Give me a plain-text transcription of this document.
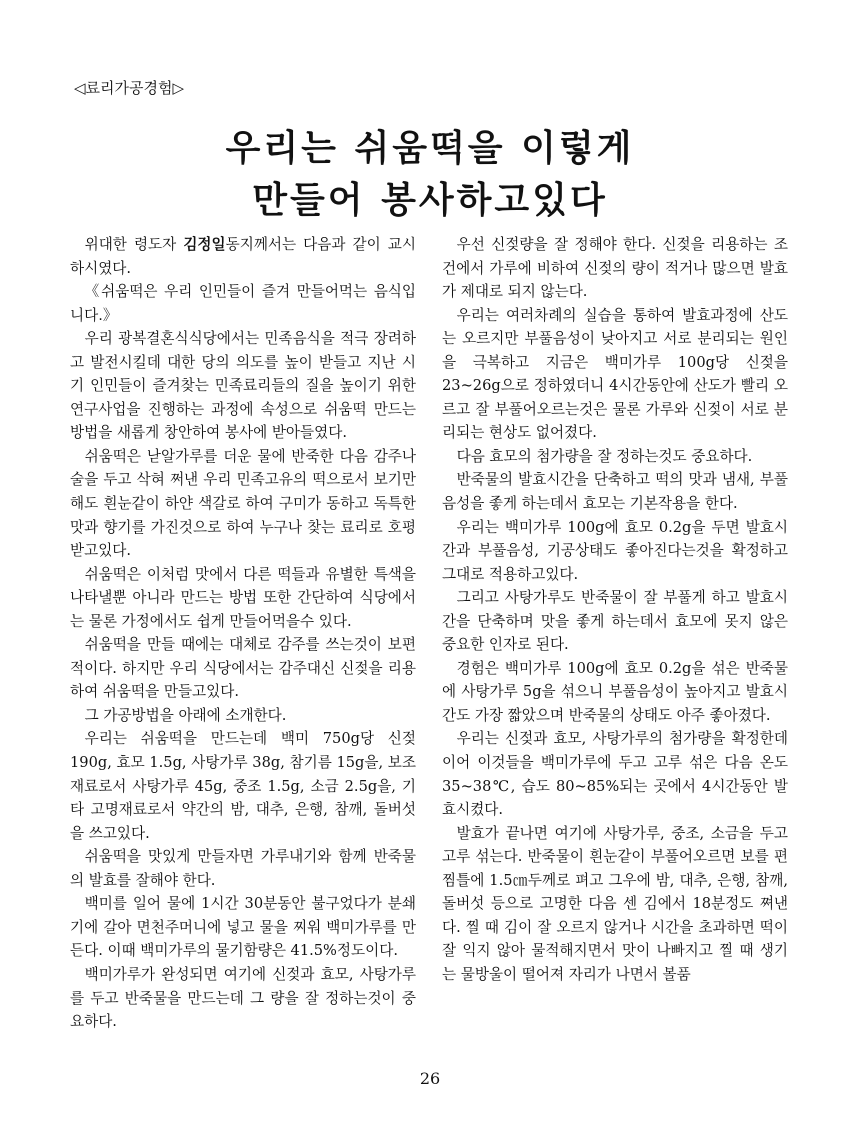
◁료리가공경험▷
우리는 쉬움떡을 이렇게
만들어 봉사하고있다

위대한 령도자 김정일동지께서는 다음과 같이 교시하시였다.

《쉬움떡은 우리 인민들이 즐겨 만들어먹는 음식입니다.》

우리 광복결혼식식당에서는 민족음식을 적극 장려하고 발전시킬데 대한 당의 의도를 높이 받들고 지난 시기 인민들이 즐겨찾는 민족료리들의 질을 높이기 위한 연구사업을 진행하는 과정에 속성으로 쉬움떡 만드는 방법을 새롭게 창안하여 봉사에 받아들였다.

쉬움떡은 낟알가루를 더운 물에 반죽한 다음 감주나 술을 두고 삭혀 쩌낸 우리 민족고유의 떡으로서 보기만해도 흰눈같이 하얀 색갈로 하여 구미가 동하고 독특한 맛과 향기를 가진것으로 하여 누구나 찾는 료리로 호평받고있다.

쉬움떡은 이처럼 맛에서 다른 떡들과 유별한 특색을 나타낼뿐 아니라 만드는 방법 또한 간단하여 식당에서는 물론 가정에서도 쉽게 만들어먹을수 있다.

쉬움떡을 만들 때에는 대체로 감주를 쓰는것이 보편적이다. 하지만 우리 식당에서는 감주대신 신젖을 리용하여 쉬움떡을 만들고있다.

그 가공방법을 아래에 소개한다.

우리는 쉬움떡을 만드는데 백미 750g당 신젖 190g, 효모 1.5g, 사탕가루 38g, 참기름 15g을, 보조재료로서 사탕가루 45g, 중조 1.5g, 소금 2.5g을, 기타 고명재료로서 약간의 밤, 대추, 은행, 참깨, 돌버섯을 쓰고있다.

쉬움떡을 맛있게 만들자면 가루내기와 함께 반죽물의 발효를 잘해야 한다.

백미를 일어 물에 1시간 30분동안 불구었다가 분쇄기에 갈아 면천주머니에 넣고 물을 찌워 백미가루를 만든다. 이때 백미가루의 물기함량은 41.5%정도이다.

백미가루가 완성되면 여기에 신젖과 효모, 사탕가루를 두고 반죽물을 만드는데 그 량을 잘 정하는것이 중요하다.

우선 신젖량을 잘 정해야 한다. 신젖을 리용하는 조건에서 가루에 비하여 신젖의 량이 적거나 많으면 발효가 제대로 되지 않는다.

우리는 여러차례의 실습을 통하여 발효과정에 산도는 오르지만 부풀음성이 낮아지고 서로 분리되는 원인을 극복하고 지금은 백미가루 100g당 신젖을 23~26g으로 정하였더니 4시간동안에 산도가 빨리 오르고 잘 부풀어오르는것은 물론 가루와 신젖이 서로 분리되는 현상도 없어졌다.

다음 효모의 첨가량을 잘 정하는것도 중요하다.

반죽물의 발효시간을 단축하고 떡의 맛과 냄새, 부풀음성을 좋게 하는데서 효모는 기본작용을 한다.

우리는 백미가루 100g에 효모 0.2g을 두면 발효시간과 부풀음성, 기공상태도 좋아진다는것을 확정하고 그대로 적용하고있다.

그리고 사탕가루도 반죽물이 잘 부풀게 하고 발효시간을 단축하며 맛을 좋게 하는데서 효모에 못지 않은 중요한 인자로 된다.

경험은 백미가루 100g에 효모 0.2g을 섞은 반죽물에 사탕가루 5g을 섞으니 부풀음성이 높아지고 발효시간도 가장 짧았으며 반죽물의 상태도 아주 좋아졌다.

우리는 신젖과 효모, 사탕가루의 첨가량을 확정한데 이어 이것들을 백미가루에 두고 고루 섞은 다음 온도 35~38℃, 습도 80~85%되는 곳에서 4시간동안 발효시켰다.

발효가 끝나면 여기에 사탕가루, 중조, 소금을 두고 고루 섞는다. 반죽물이 흰눈같이 부풀어오르면 보를 편 찜틀에 1.5㎝두께로 펴고 그우에 밤, 대추, 은행, 참깨, 돌버섯 등으로 고명한 다음 센 김에서 18분정도 쪄낸다. 찔 때 김이 잘 오르지 않거나 시간을 초과하면 떡이 잘 익지 않아 물적해지면서 맛이 나빠지고 찔 때 생기는 물방울이 떨어져 자리가 나면서 볼품

26
